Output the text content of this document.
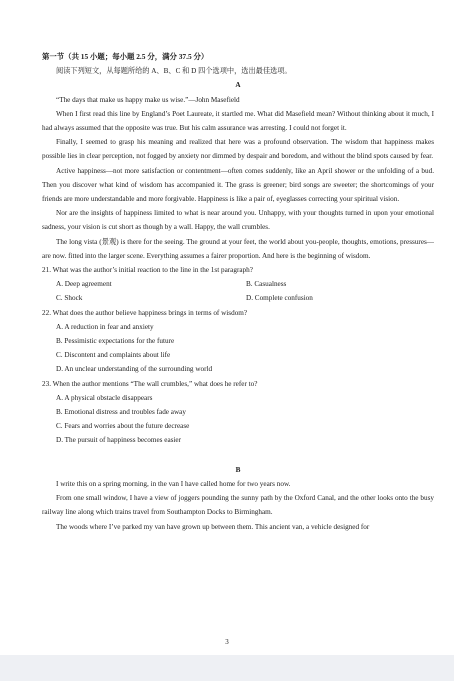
第一节（共 15 小题；每小题 2.5 分，满分 37.5 分）

阅读下列短文，从每题所给的 A、B、C 和 D 四个选项中，选出最佳选项。

A

“The days that make us happy make us wise.”—John Masefield

When I first read this line by England’s Poet Laureate, it startled me. What did Masefield mean? Without thinking about it much, I had always assumed that the opposite was true. But his calm assurance was arresting. I could not forget it.

Finally, I seemed to grasp his meaning and realized that here was a profound observation. The wisdom that happiness makes possible lies in clear perception, not fogged by anxiety nor dimmed by despair and boredom, and without the blind spots caused by fear.

Active happiness—not more satisfaction or contentment—often comes suddenly, like an April shower or the unfolding of a bud. Then you discover what kind of wisdom has accompanied it. The grass is greener; bird songs are sweeter; the shortcomings of your friends are more understandable and more forgivable. Happiness is like a pair of, eyeglasses correcting your spiritual vision.

Nor are the insights of happiness limited to what is near around you. Unhappy, with your thoughts turned in upon your emotional sadness, your vision is cut short as though by a wall. Happy, the wall crumbles.

The long vista (景观) is there for the seeing. The ground at your feet, the world about you-people, thoughts, emotions, pressures—are now. fitted into the larger scene. Everything assumes a fairer proportion. And here is the beginning of wisdom.

21. What was the author’s initial reaction to the line in the 1st paragraph?

A. Deep agreement	B. Casualness
C. Shock	D. Complete confusion

22. What does the author believe happiness brings in terms of wisdom?

A. A reduction in fear and anxiety

B. Pessimistic expectations for the future

C. Discontent and complaints about life

D. An unclear understanding of the surrounding world

23. When the author mentions “The wall crumbles,” what does he refer to?

A. A physical obstacle disappears

B. Emotional distress and troubles fade away

C. Fears and worries about the future decrease

D. The pursuit of happiness becomes easier

B

I write this on a spring morning, in the van I have called home for two years now.

From one small window, I have a view of joggers pounding the sunny path by the Oxford Canal, and the other looks onto the busy railway line along which trains travel from Southampton Docks to Birmingham.

The woods where I’ve parked my van have grown up between them. This ancient van, a vehicle designed for

3
